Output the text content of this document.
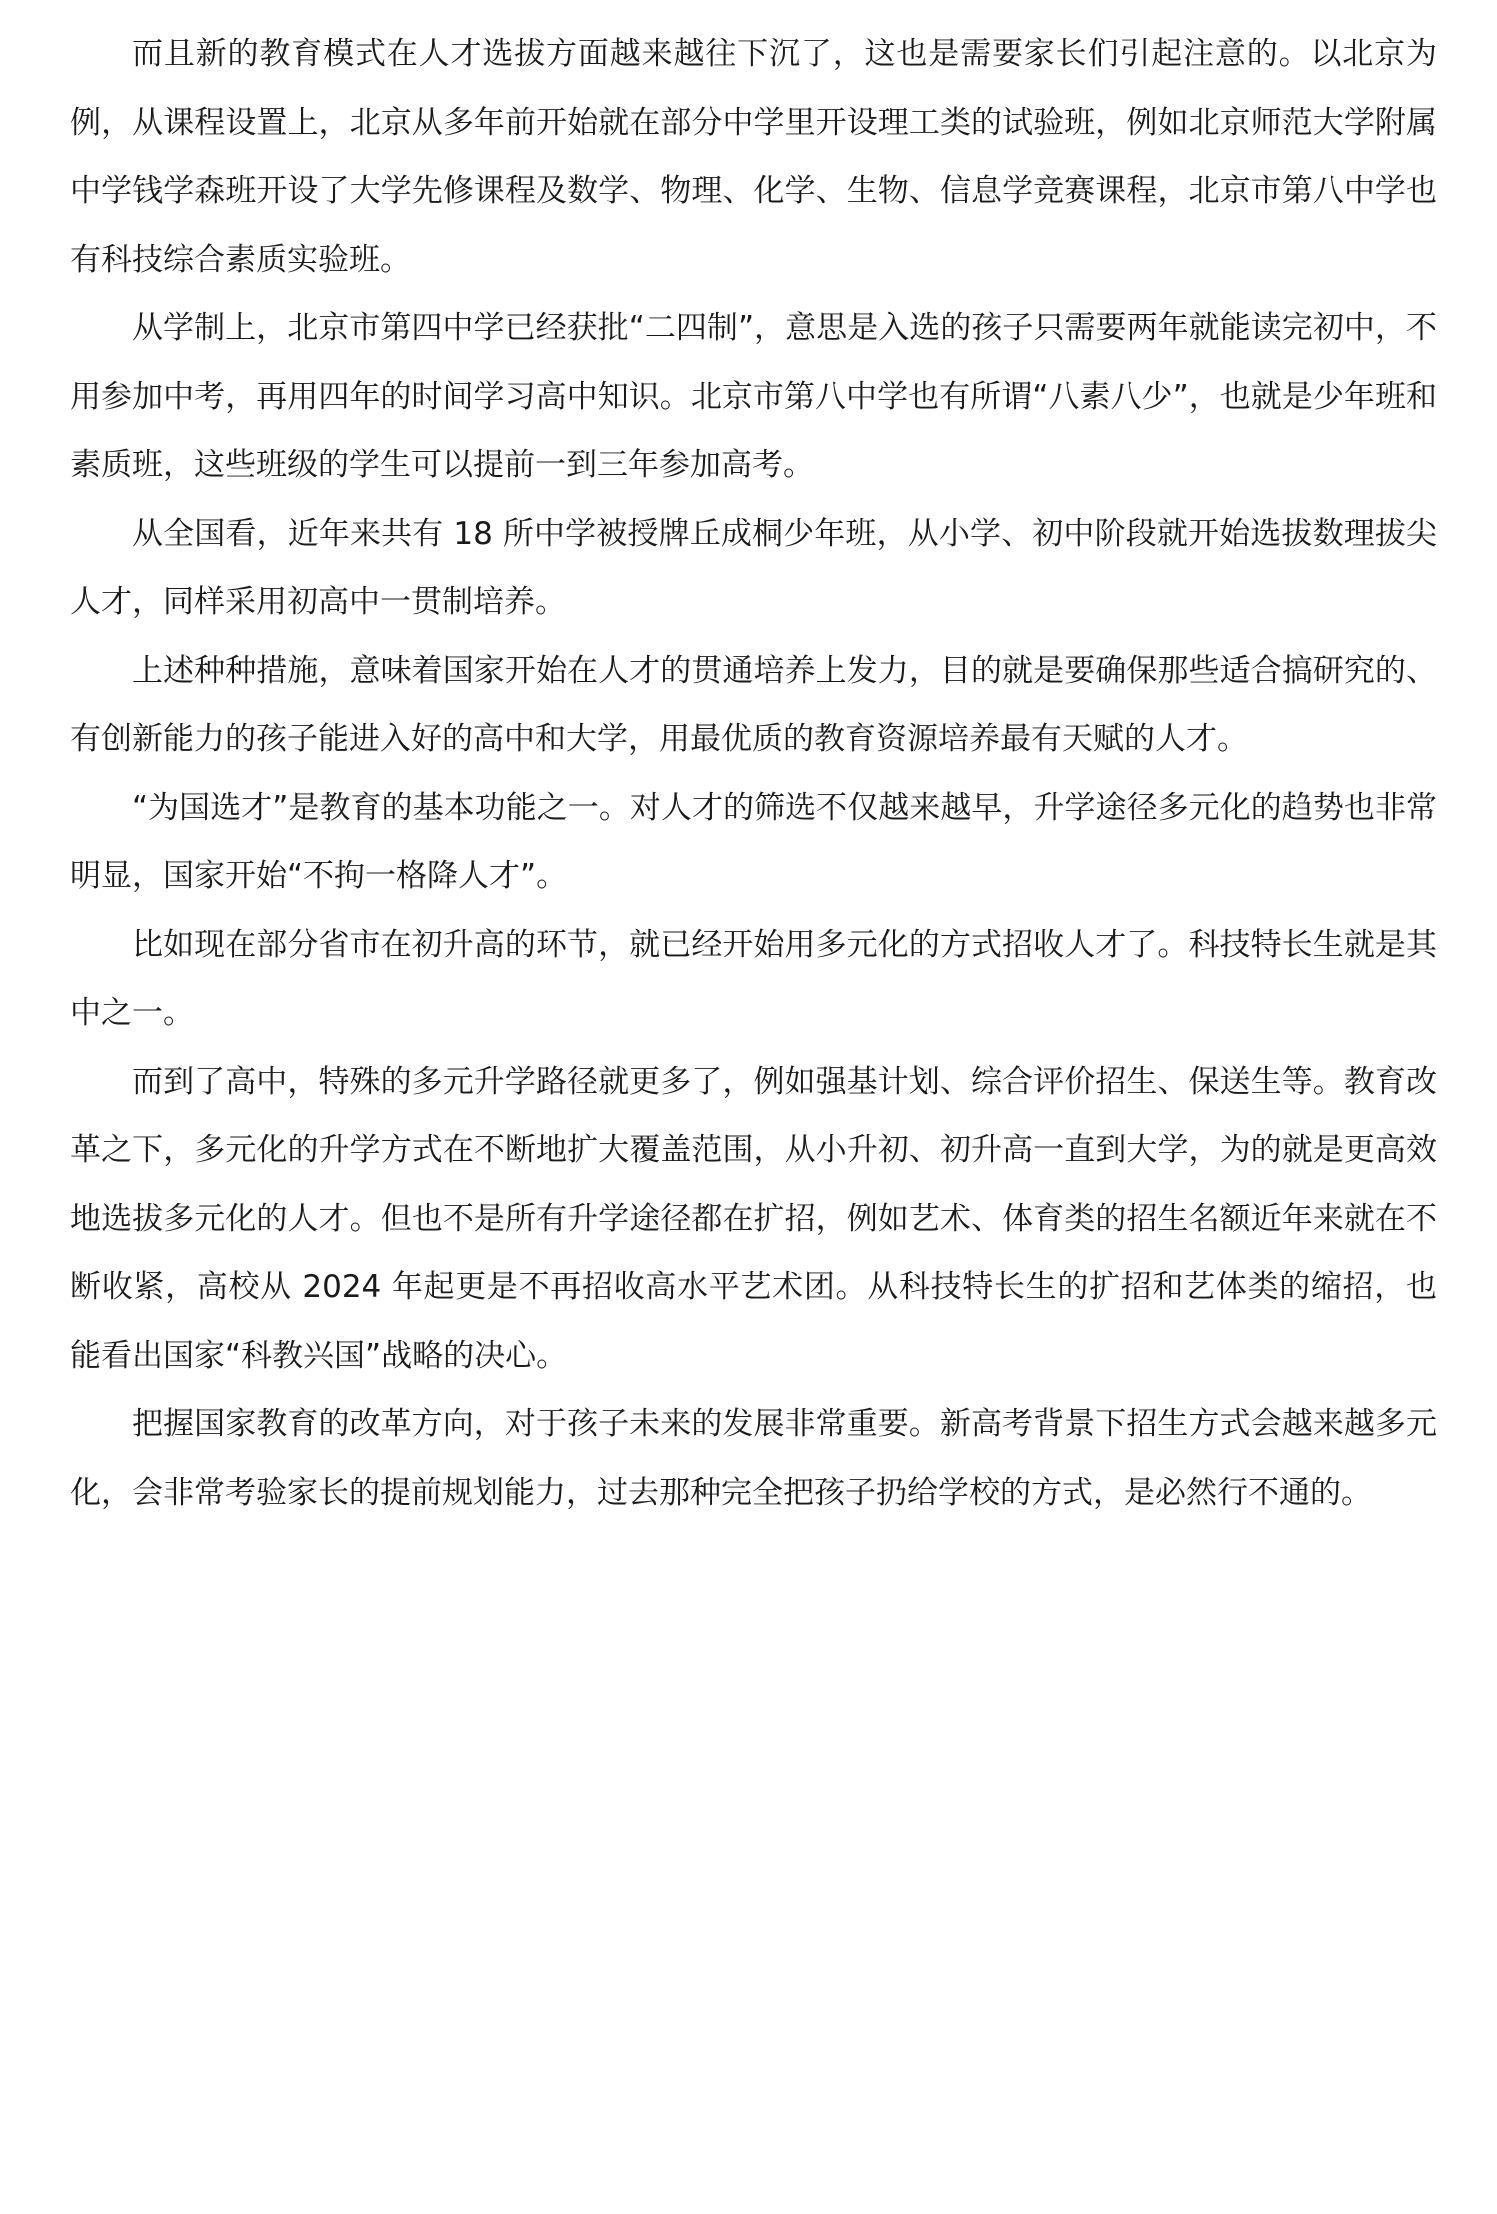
而且新的教育模式在人才选拔方面越来越往下沉了，这也是需要家长们引起注意的。以北京为例，从课程设置上，北京从多年前开始就在部分中学里开设理工类的试验班，例如北京师范大学附属中学钱学森班开设了大学先修课程及数学、物理、化学、生物、信息学竞赛课程，北京市第八中学也有科技综合素质实验班。

从学制上，北京市第四中学已经获批“二四制”，意思是入选的孩子只需要两年就能读完初中，不用参加中考，再用四年的时间学习高中知识。北京市第八中学也有所谓“八素八少”，也就是少年班和素质班，这些班级的学生可以提前一到三年参加高考。

从全国看，近年来共有 18 所中学被授牌丘成桐少年班，从小学、初中阶段就开始选拔数理拔尖人才，同样采用初高中一贯制培养。

上述种种措施，意味着国家开始在人才的贯通培养上发力，目的就是要确保那些适合搞研究的、有创新能力的孩子能进入好的高中和大学，用最优质的教育资源培养最有天赋的人才。

“为国选才”是教育的基本功能之一。对人才的筛选不仅越来越早，升学途径多元化的趋势也非常明显，国家开始“不拘一格降人才”。

比如现在部分省市在初升高的环节，就已经开始用多元化的方式招收人才了。科技特长生就是其中之一。

而到了高中，特殊的多元升学路径就更多了，例如强基计划、综合评价招生、保送生等。教育改革之下，多元化的升学方式在不断地扩大覆盖范围，从小升初、初升高一直到大学，为的就是更高效地选拔多元化的人才。但也不是所有升学途径都在扩招，例如艺术、体育类的招生名额近年来就在不断收紧，高校从 2024 年起更是不再招收高水平艺术团。从科技特长生的扩招和艺体类的缩招，也能看出国家“科教兴国”战略的决心。

把握国家教育的改革方向，对于孩子未来的发展非常重要。新高考背景下招生方式会越来越多元化，会非常考验家长的提前规划能力，过去那种完全把孩子扔给学校的方式，是必然行不通的。
